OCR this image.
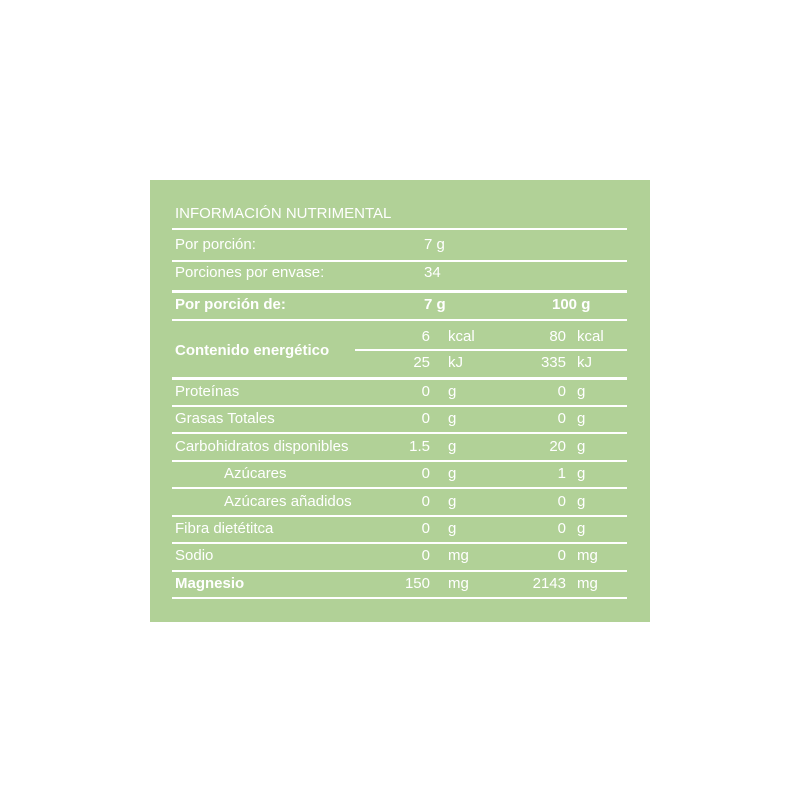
INFORMACIÓN NUTRIMENTAL
Por porción:	7 g
Porciones por envase:	34
Por porción de:	7 g	100 g
Contenido energético
6 kcal	80 kcal
25 kJ	335 kJ
Proteínas	0 g	0 g
Grasas Totales	0 g	0 g
Carbohidratos disponibles	1.5 g	20 g
Azúcares	0 g	1 g
Azúcares añadidos	0 g	0 g
Fibra dietétitca	0 g	0 g
Sodio	0 mg	0 mg
Magnesio	150 mg	2143 mg
